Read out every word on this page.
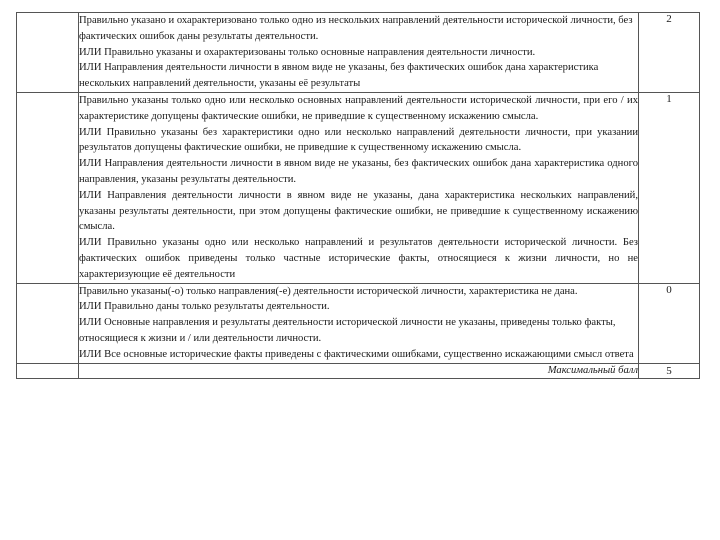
	Правильно указано и охарактеризовано только одно из нескольких направлений деятельности исторической личности, без фактических ошибок даны результаты деятельности.

ИЛИ Правильно указаны и охарактеризованы только основные направления деятельности личности.

ИЛИ Направления деятельности личности в явном виде не указаны, без фактических ошибок дана характеристика нескольких направлений деятельности, указаны её результаты	2

	Правильно указаны только одно или несколько основных направлений деятельности исторической личности, при его / их характеристике допущены фактические ошибки, не приведшие к существенному искажению смысла.

ИЛИ Правильно указаны без характеристики одно или несколько направлений деятельности личности, при указании результатов допущены фактические ошибки, не приведшие к существенному искажению смысла.

ИЛИ Направления деятельности личности в явном виде не указаны, без фактических ошибок дана характеристика одного направления, указаны результаты деятельности.

ИЛИ Направления деятельности личности в явном виде не указаны, дана характеристика нескольких направлений, указаны результаты деятельности, при этом допущены фактические ошибки, не приведшие к существенному искажению смысла.

ИЛИ Правильно указаны одно или несколько направлений и результатов деятельности исторической личности. Без фактических ошибок приведены только частные исторические факты, относящиеся к жизни личности, но не характеризующие её деятельности	1

	Правильно указаны(-о) только направления(-е) деятельности исторической личности, характеристика не дана.

ИЛИ Правильно даны только результаты деятельности.

ИЛИ Основные направления и результаты деятельности исторической личности не указаны, приведены только факты, относящиеся к жизни и / или деятельности личности.

ИЛИ Все основные исторические факты приведены с фактическими ошибками, существенно искажающими смысл ответа	0
	Максимальный балл	5
